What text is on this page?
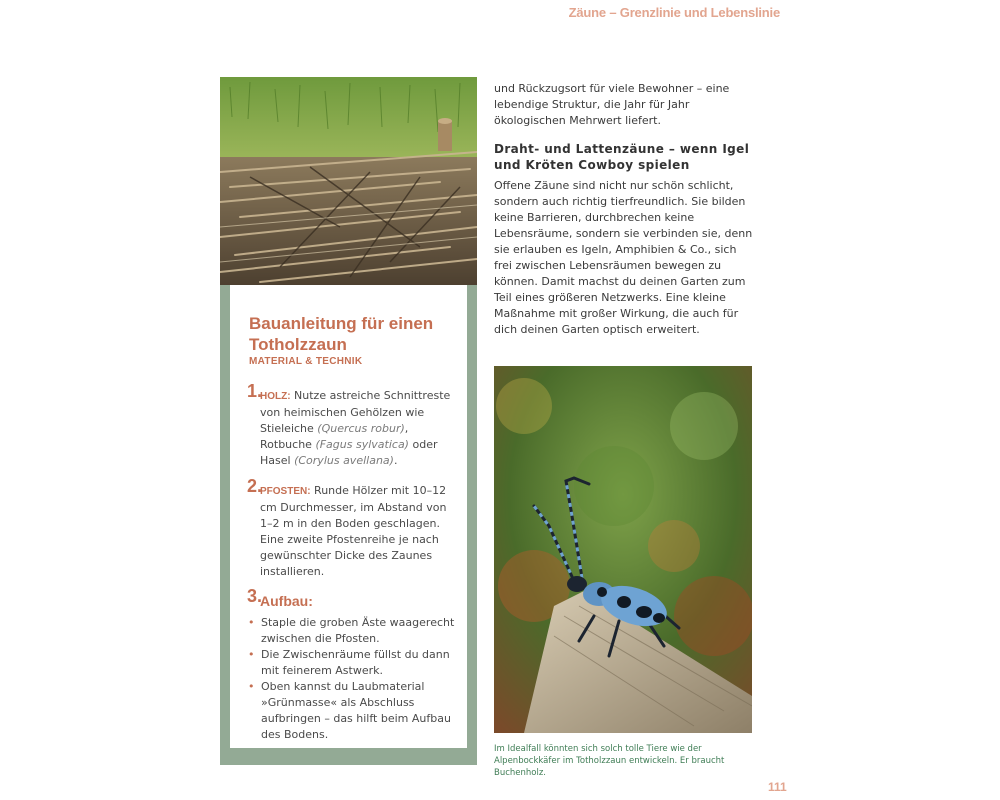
Zäune – Grenzlinie und Lebenslinie
Bauanleitung für einen Totholzzaun
MATERIAL & TECHNIK
1.
HOLZ: Nutze astreiche Schnittreste von heimischen Gehölzen wie Stieleiche (Quercus robur), Rotbuche (Fagus sylvatica) oder Hasel (Corylus avellana).
2.
PFOSTEN: Runde Hölzer mit 10–12 cm Durchmesser, im Abstand von 1–2 m in den Boden geschlagen. Eine zweite Pfostenreihe je nach gewünschter Dicke des Zaunes installieren.
3.
Aufbau:
• Staple die groben Äste waagerecht zwischen die Pfosten.
• Die Zwischenräume füllst du dann mit feinerem Astwerk.
• Oben kannst du Laubmaterial »Grünmasse« als Abschluss aufbringen – das hilft beim Aufbau des Bodens.
und Rückzugsort für viele Bewohner – eine lebendige Struktur, die Jahr für Jahr ökologischen Mehrwert liefert.
Draht- und Lattenzäune – wenn Igel und Kröten Cowboy spielen
Offene Zäune sind nicht nur schön schlicht, sondern auch richtig tierfreundlich. Sie bilden keine Barrieren, durchbrechen keine Lebensräume, sondern sie verbinden sie, denn sie erlauben es Igeln, Amphibien & Co., sich frei zwischen Lebensräumen bewegen zu können. Damit machst du deinen Garten zum Teil eines größeren Netzwerks. Eine kleine Maßnahme mit großer Wirkung, die auch für dich deinen Garten optisch erweitert.
Im Idealfall könnten sich solch tolle Tiere wie der Alpenbockkäfer im Totholzzaun entwickeln. Er braucht Buchenholz.
111
